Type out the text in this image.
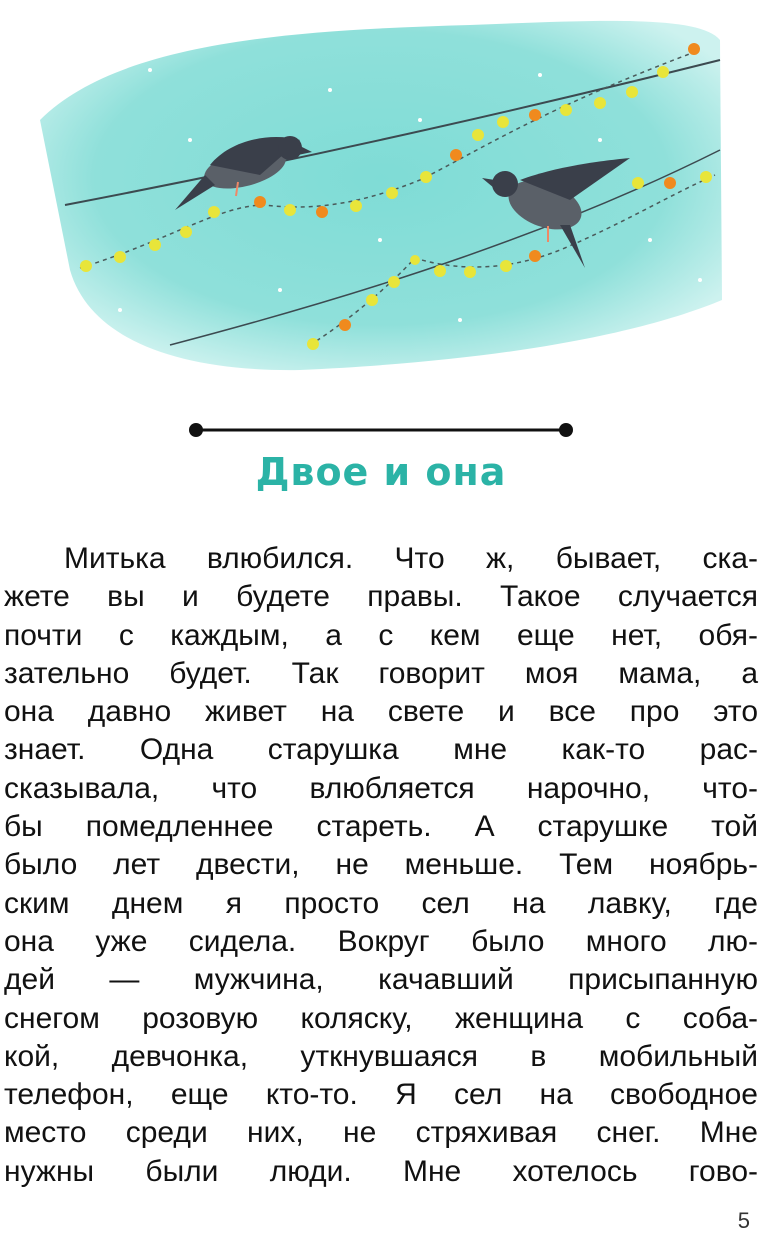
Двое и она
Митька влюбился. Что ж, бывает, ска-
жете вы и будете правы. Такое случается
почти с каждым, а с кем еще нет, обя-
зательно будет. Так говорит моя мама, а
она давно живет на свете и все про это
знает. Одна старушка мне как-то рас-
сказывала, что влюбляется нарочно, что-
бы помедленнее стареть. А старушке той
было лет двести, не меньше. Тем ноябрь-
ским днем я просто сел на лавку, где
она уже сидела. Вокруг было много лю-
дей — мужчина, качавший присыпанную
снегом розовую коляску, женщина с соба-
кой, девчонка, уткнувшаяся в мобильный
телефон, еще кто-то. Я сел на свободное
место среди них, не стряхивая снег. Мне
нужны были люди. Мне хотелось гово-
5
